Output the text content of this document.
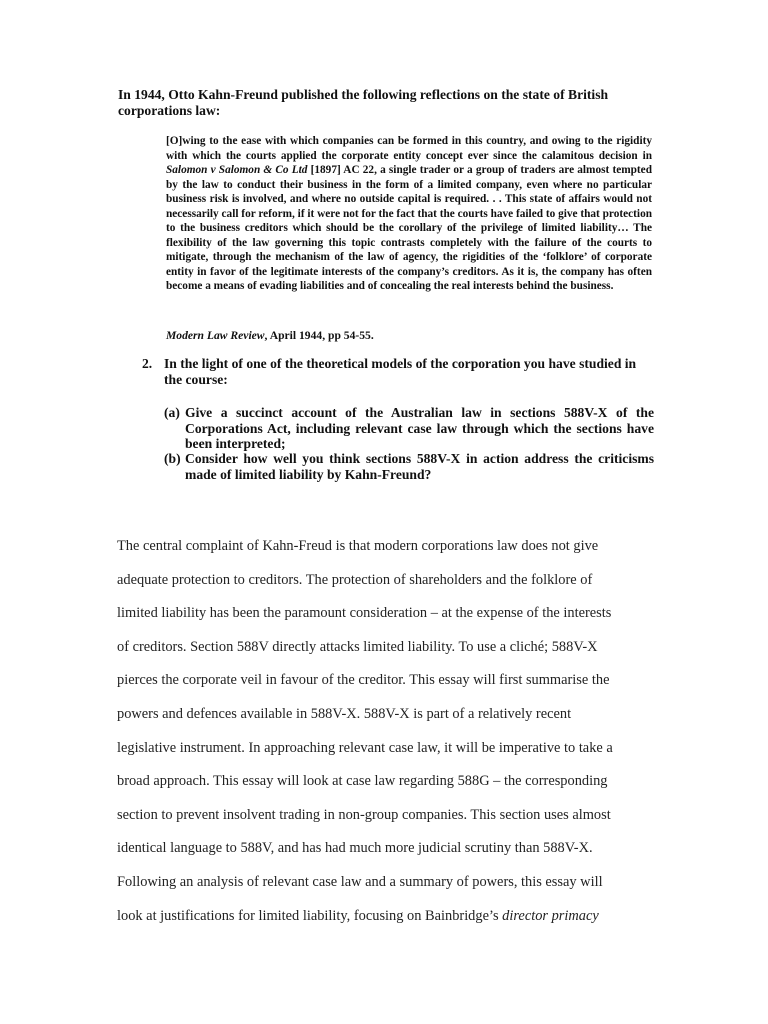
In 1944, Otto Kahn-Freund published the following reflections on the state of British corporations law:

[O]wing to the ease with which companies can be formed in this country, and owing to the rigidity with which the courts applied the corporate entity concept ever since the calamitous decision in Salomon v Salomon & Co Ltd [1897] AC 22, a single trader or a group of traders are almost tempted by the law to conduct their business in the form of a limited company, even where no particular business risk is involved, and where no outside capital is required. . . This state of affairs would not necessarily call for reform, if it were not for the fact that the courts have failed to give that protection to the business creditors which should be the corollary of the privilege of limited liability… The flexibility of the law governing this topic contrasts completely with the failure of the courts to mitigate, through the mechanism of the law of agency, the rigidities of the ‘folklore’ of corporate entity in favor of the legitimate interests of the company’s creditors. As it is, the company has often become a means of evading liabilities and of concealing the real interests behind the business.

Modern Law Review, April 1944, pp 54-55.

2. In the light of one of the theoretical models of the corporation you have studied in the course:

(a) Give a succinct account of the Australian law in sections 588V-X of the Corporations Act, including relevant case law through which the sections have been interpreted;
(b) Consider how well you think sections 588V-X in action address the criticisms made of limited liability by Kahn-Freund?
The central complaint of Kahn-Freud is that modern corporations law does not give
adequate protection to creditors. The protection of shareholders and the folklore of
limited liability has been the paramount consideration – at the expense of the interests
of creditors. Section 588V directly attacks limited liability. To use a cliché; 588V-X
pierces the corporate veil in favour of the creditor. This essay will first summarise the
powers and defences available in 588V-X. 588V-X is part of a relatively recent
legislative instrument. In approaching relevant case law, it will be imperative to take a
broad approach. This essay will look at case law regarding 588G – the corresponding
section to prevent insolvent trading in non-group companies. This section uses almost
identical language to 588V, and has had much more judicial scrutiny than 588V-X.
Following an analysis of relevant case law and a summary of powers, this essay will
look at justifications for limited liability, focusing on Bainbridge’s director primacy
